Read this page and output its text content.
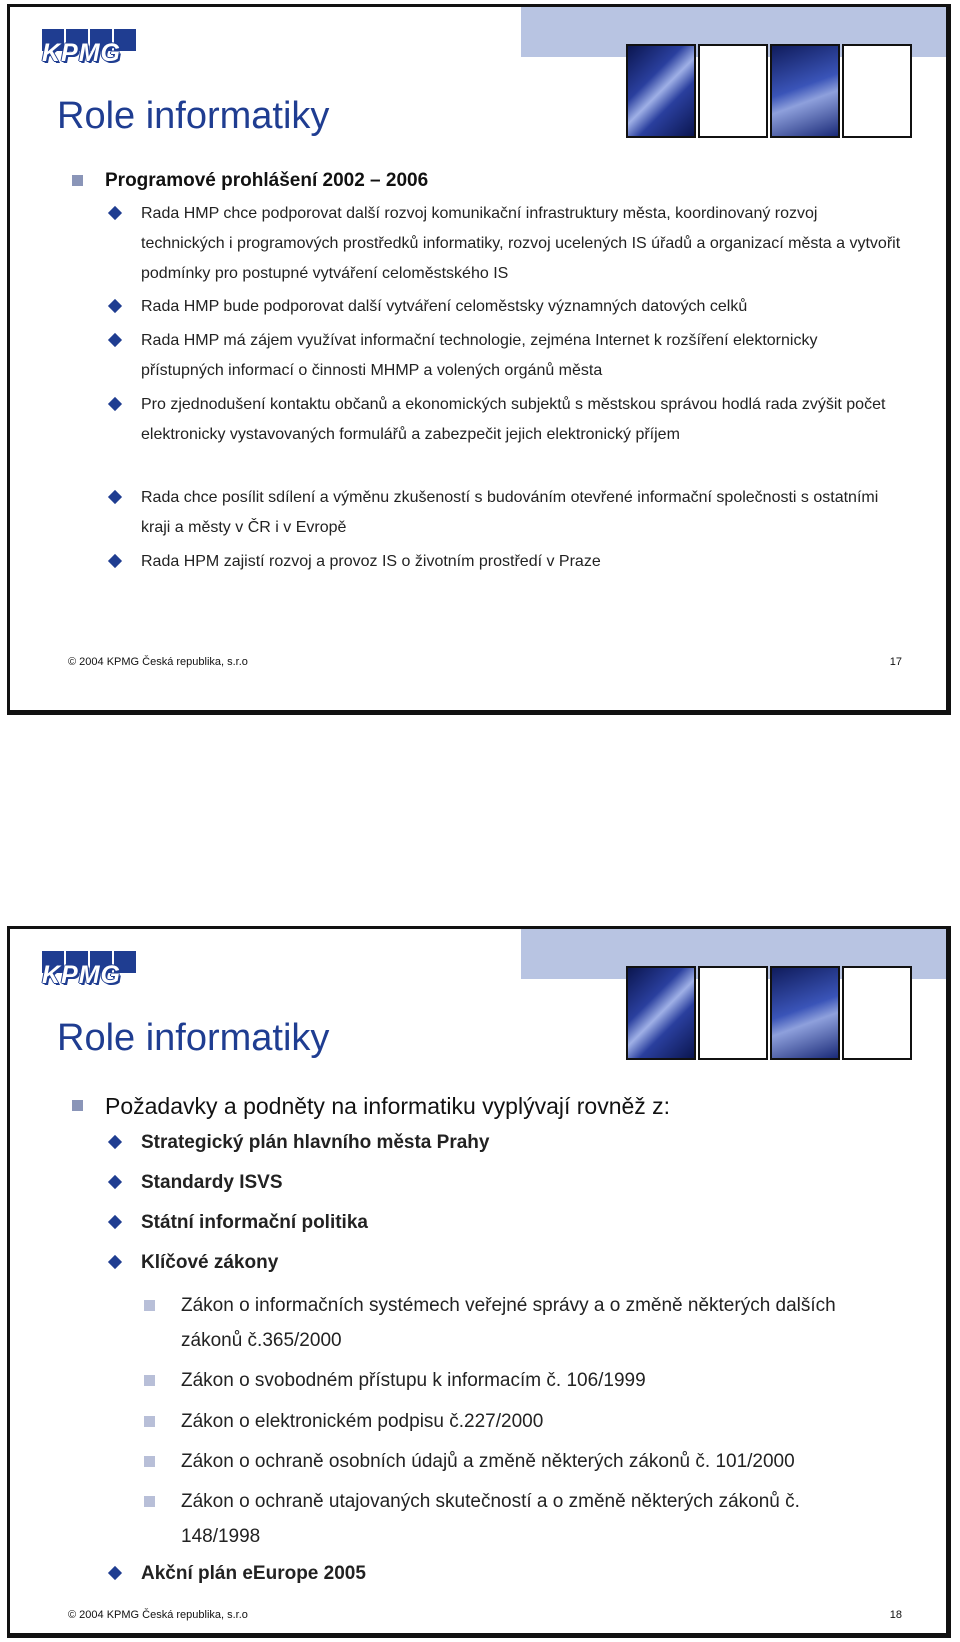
KPMG
Role informatiky
Programové prohlášení 2002 – 2006
Rada HMP chce podporovat další rozvoj komunikační infrastruktury města, koordinovaný rozvoj technických i programových prostředků informatiky, rozvoj ucelených IS úřadů a organizací města a vytvořit podmínky pro postupné vytváření celoměstského IS
Rada HMP bude podporovat další vytváření celoměstsky významných datových celků
Rada HMP má zájem využívat informační technologie, zejména Internet k rozšíření elektornicky přístupných informací o činnosti MHMP a volených orgánů města
Pro zjednodušení kontaktu občanů a ekonomických subjektů s městskou správou hodlá rada zvýšit počet elektronicky vystavovaných formulářů a zabezpečit jejich elektronický příjem
Rada chce posílit sdílení a výměnu zkušeností s budováním otevřené informační společnosti s ostatními kraji a městy v ČR i v Evropě
Rada HPM zajistí rozvoj a provoz IS o životním prostředí v Praze
© 2004 KPMG Česká republika, s.r.o	17
KPMG
Role informatiky
Požadavky a podněty na informatiku vyplývají rovněž z:
Strategický plán hlavního města Prahy
Standardy ISVS
Státní informační politika
Klíčové zákony
Zákon o informačních systémech veřejné správy a o změně některých dalších zákonů č.365/2000
Zákon o svobodném přístupu k informacím č. 106/1999
Zákon o elektronickém podpisu č.227/2000
Zákon o ochraně osobních údajů a změně některých zákonů č. 101/2000
Zákon o ochraně utajovaných skutečností a o změně některých zákonů č. 148/1998
Akční plán eEurope 2005
© 2004 KPMG Česká republika, s.r.o	18
